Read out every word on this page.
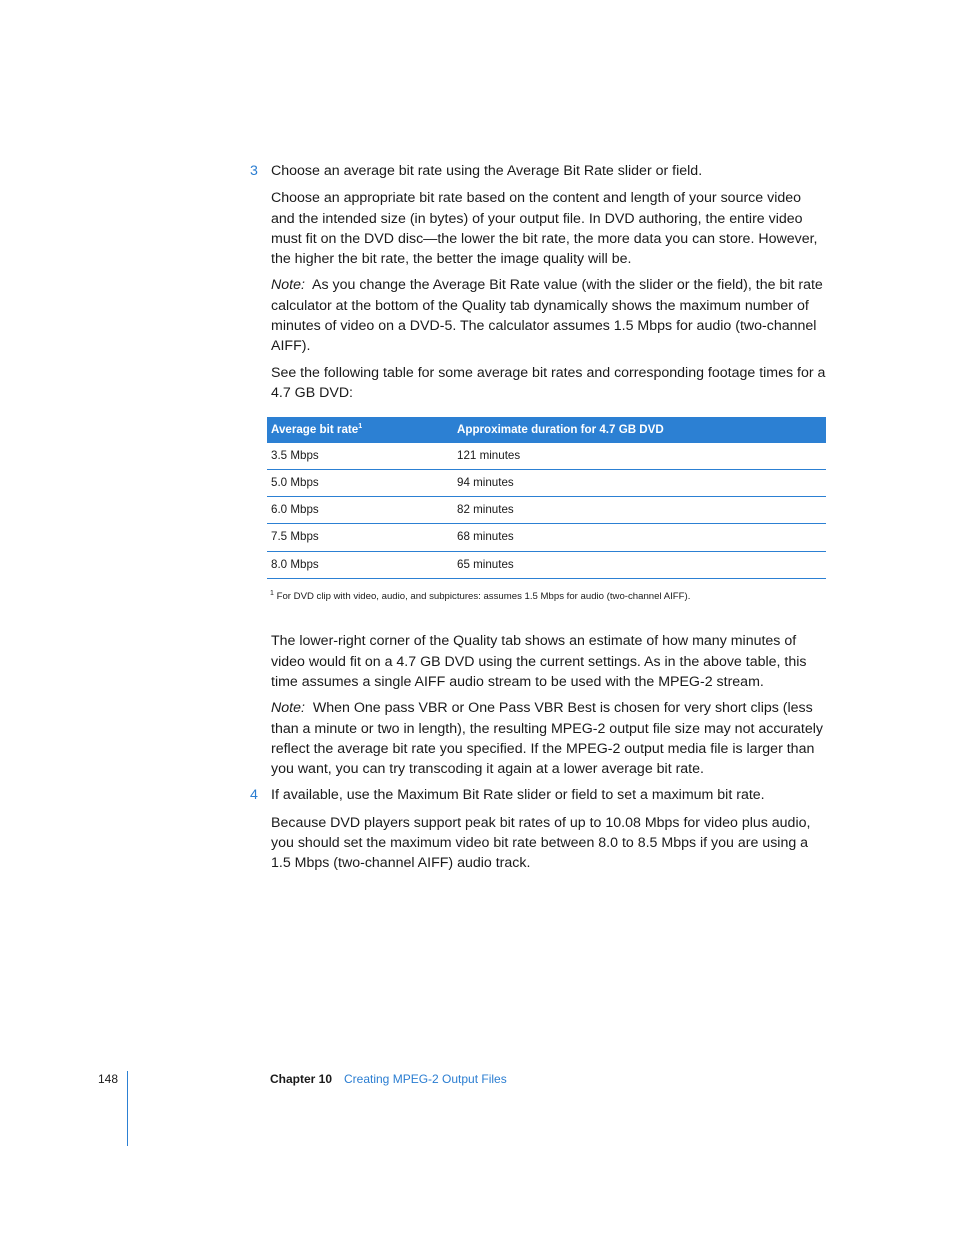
3 Choose an average bit rate using the Average Bit Rate slider or field.

Choose an appropriate bit rate based on the content and length of your source video and the intended size (in bytes) of your output file. In DVD authoring, the entire video must fit on the DVD disc—the lower the bit rate, the more data you can store. However, the higher the bit rate, the better the image quality will be.

Note: As you change the Average Bit Rate value (with the slider or the field), the bit rate calculator at the bottom of the Quality tab dynamically shows the maximum number of minutes of video on a DVD-5. The calculator assumes 1.5 Mbps for audio (two-channel AIFF).

See the following table for some average bit rates and corresponding footage times for a 4.7 GB DVD:

Average bit rate$^1$	Approximate duration for 4.7 GB DVD
3.5 Mbps	121 minutes
5.0 Mbps	94 minutes
6.0 Mbps	82 minutes
7.5 Mbps	68 minutes
8.0 Mbps	65 minutes
$^1$ For DVD clip with video, audio, and subpictures: assumes 1.5 Mbps for audio (two-channel AIFF).

The lower-right corner of the Quality tab shows an estimate of how many minutes of video would fit on a 4.7 GB DVD using the current settings. As in the above table, this time assumes a single AIFF audio stream to be used with the MPEG-2 stream.

Note: When One pass VBR or One Pass VBR Best is chosen for very short clips (less than a minute or two in length), the resulting MPEG-2 output file size may not accurately reflect the average bit rate you specified. If the MPEG-2 output media file is larger than you want, you can try transcoding it again at a lower average bit rate.

4 If available, use the Maximum Bit Rate slider or field to set a maximum bit rate.

Because DVD players support peak bit rates of up to 10.08 Mbps for video plus audio, you should set the maximum video bit rate between 8.0 to 8.5 Mbps if you are using a 1.5 Mbps (two-channel AIFF) audio track.

148	Chapter 10 Creating MPEG-2 Output Files
